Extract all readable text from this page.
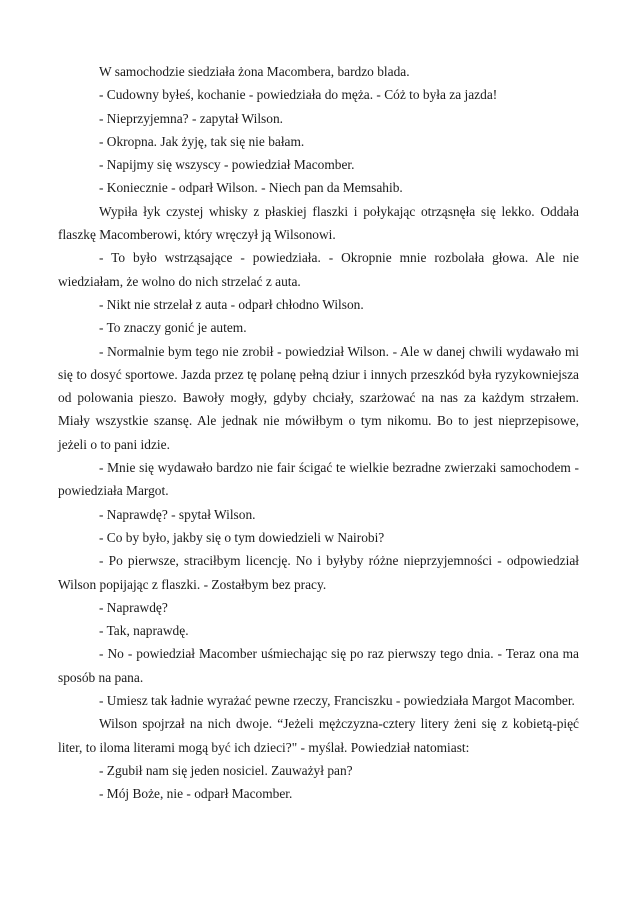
W samochodzie siedziała żona Macombera, bardzo blada.

- Cudowny byłeś, kochanie - powiedziała do męża. - Cóż to była za jazda!

- Nieprzyjemna? - zapytał Wilson.

- Okropna. Jak żyję, tak się nie bałam.

- Napijmy się wszyscy - powiedział Macomber.

- Koniecznie - odparł Wilson. - Niech pan da Memsahib.

Wypiła łyk czystej whisky z płaskiej flaszki i połykając otrząsnęła się lekko. Oddała flaszkę Macomberowi, który wręczył ją Wilsonowi.

- To było wstrząsające - powiedziała. - Okropnie mnie rozbolała głowa. Ale nie wiedziałam, że wolno do nich strzelać z auta.

- Nikt nie strzelał z auta - odparł chłodno Wilson.

- To znaczy gonić je autem.

- Normalnie bym tego nie zrobił - powiedział Wilson. - Ale w danej chwili wydawało mi się to dosyć sportowe. Jazda przez tę polanę pełną dziur i innych przeszkód była ryzykowniejsza od polowania pieszo. Bawoły mogły, gdyby chciały, szarżować na nas za każdym strzałem. Miały wszystkie szansę. Ale jednak nie mówiłbym o tym nikomu. Bo to jest nieprzepisowe, jeżeli o to pani idzie.

- Mnie się wydawało bardzo nie fair ścigać te wielkie bezradne zwierzaki samochodem - powiedziała Margot.

- Naprawdę? - spytał Wilson.

- Co by było, jakby się o tym dowiedzieli w Nairobi?

- Po pierwsze, straciłbym licencję. No i byłyby różne nieprzyjemności - odpowiedział Wilson popijając z flaszki. - Zostałbym bez pracy.

- Naprawdę?

- Tak, naprawdę.

- No - powiedział Macomber uśmiechając się po raz pierwszy tego dnia. - Teraz ona ma sposób na pana.

- Umiesz tak ładnie wyrażać pewne rzeczy, Franciszku - powiedziała Margot Macomber.

Wilson spojrzał na nich dwoje. “Jeżeli mężczyzna-cztery litery żeni się z kobietą-pięć liter, to iloma literami mogą być ich dzieci?" - myślał. Powiedział natomiast:

- Zgubił nam się jeden nosiciel. Zauważył pan?

- Mój Boże, nie - odparł Macomber.
